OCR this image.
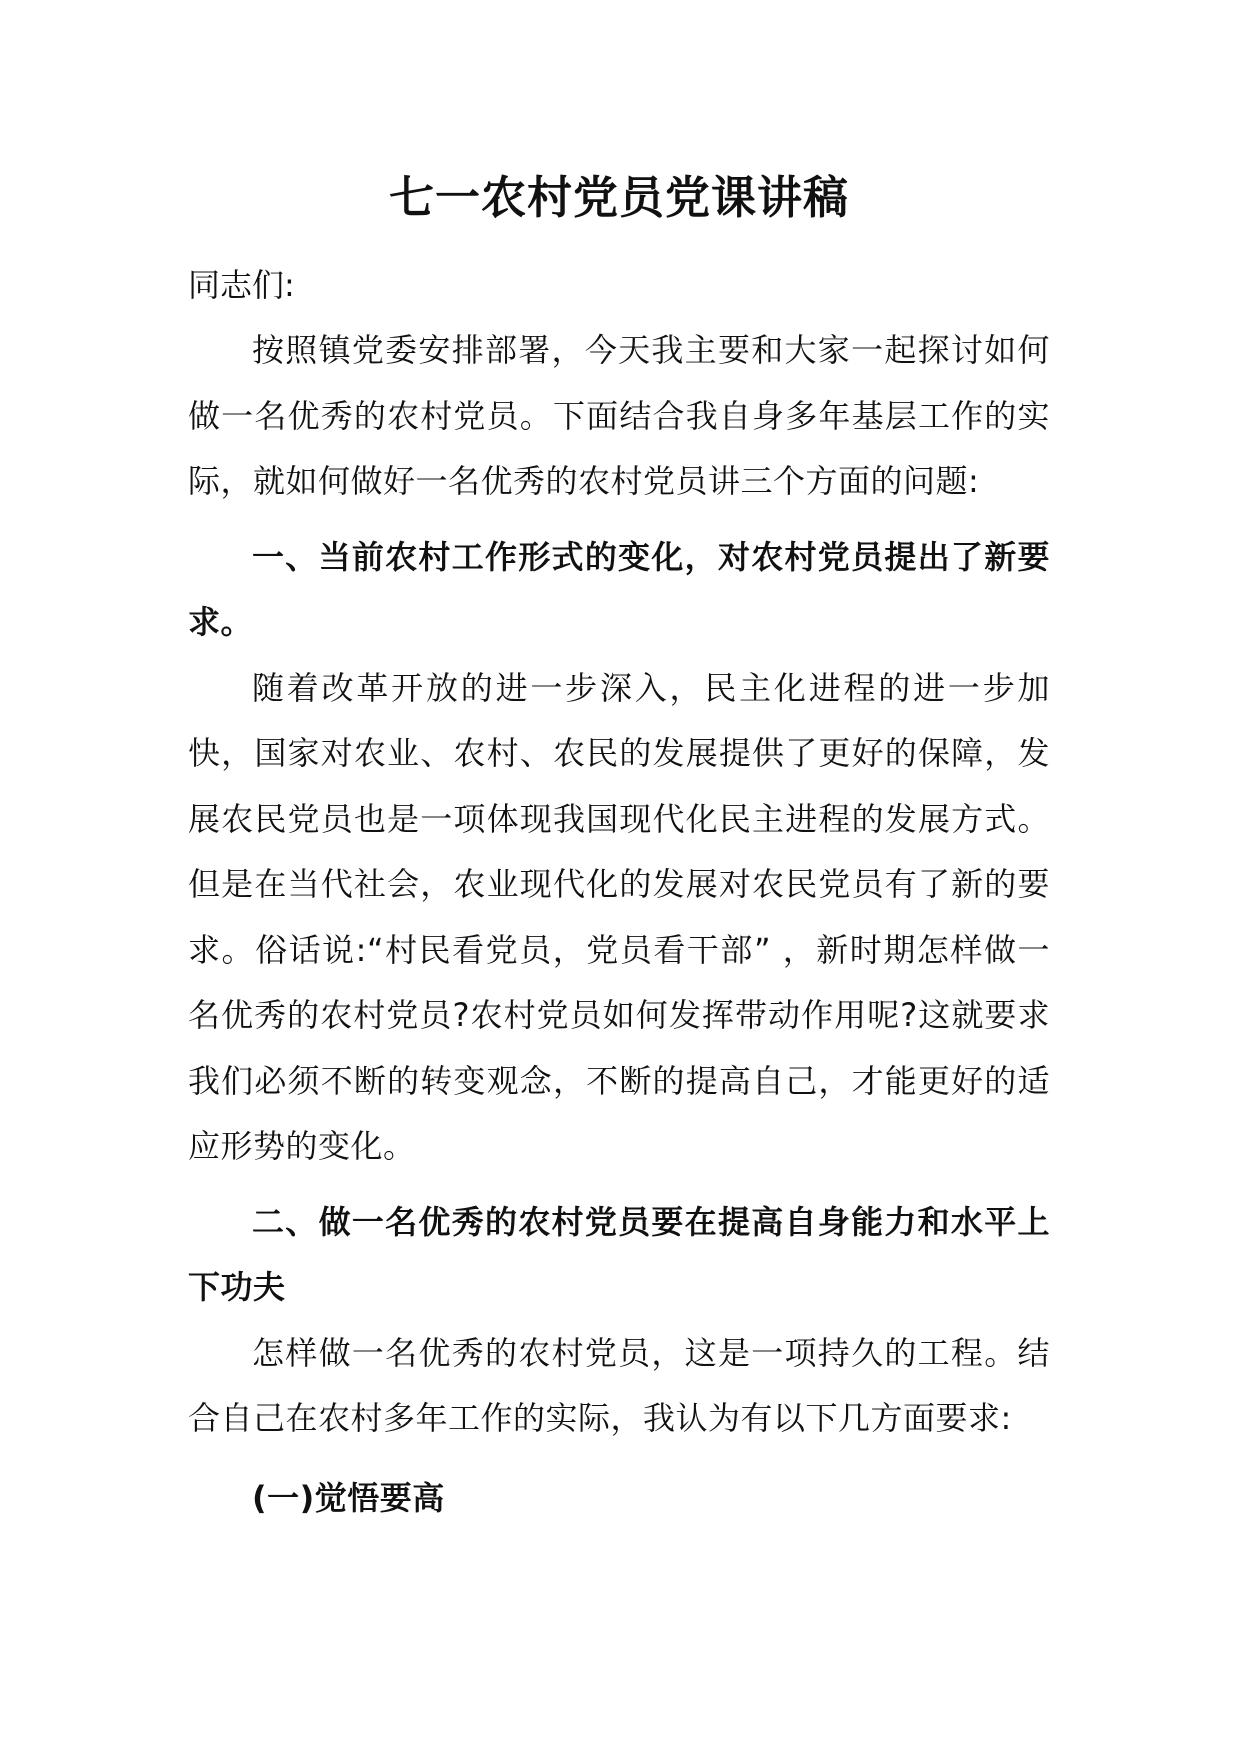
七一农村党员党课讲稿

同志们:

按照镇党委安排部署，今天我主要和大家一起探讨如何做一名优秀的农村党员。下面结合我自身多年基层工作的实际，就如何做好一名优秀的农村党员讲三个方面的问题:

一、当前农村工作形式的变化，对农村党员提出了新要求。

随着改革开放的进一步深入，民主化进程的进一步加快，国家对农业、农村、农民的发展提供了更好的保障，发展农民党员也是一项体现我国现代化民主进程的发展方式。但是在当代社会，农业现代化的发展对农民党员有了新的要求。俗话说:“村民看党员，党员看干部” ，新时期怎样做一名优秀的农村党员?农村党员如何发挥带动作用呢?这就要求我们必须不断的转变观念，不断的提高自己，才能更好的适应形势的变化。

二、做一名优秀的农村党员要在提高自身能力和水平上下功夫

怎样做一名优秀的农村党员，这是一项持久的工程。结合自己在农村多年工作的实际，我认为有以下几方面要求:

(一)觉悟要高
